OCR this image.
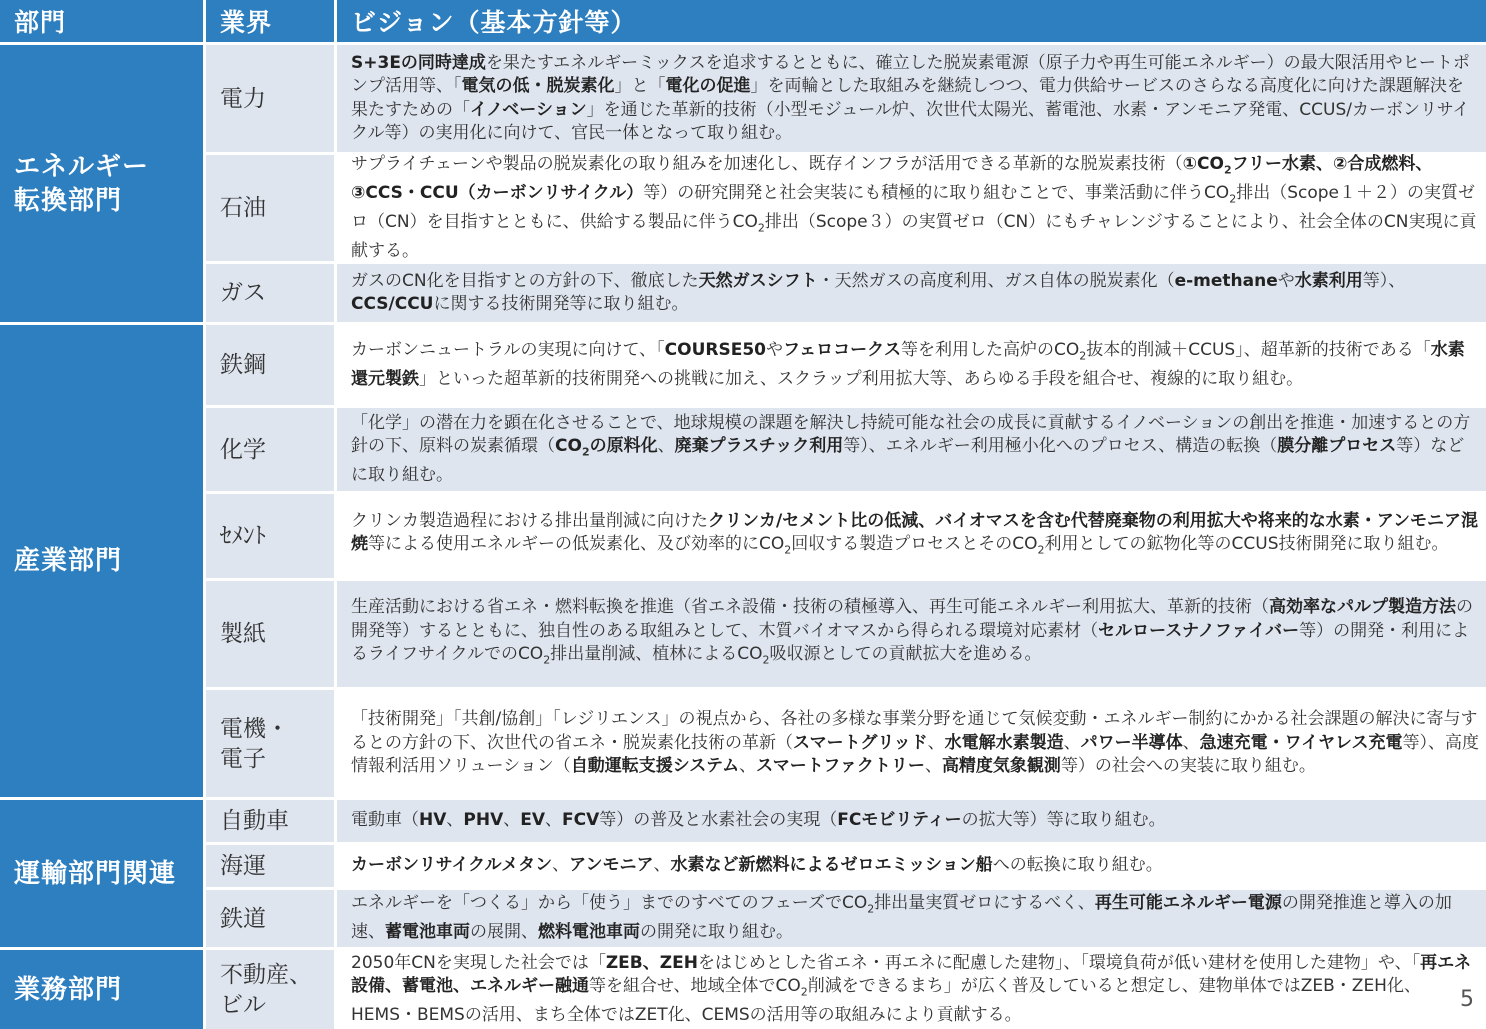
部門	業界	ビジョン（基本方針等）
エネルギー
転換部門
産業部門
運輸部門関連
業務部門
電力
石油
ガス
鉄鋼
化学
ｾﾒﾝﾄ
製紙
電機・
電子
自動車
海運
鉄道
不動産、
ビル
S+3Eの同時達成を果たすエネルギーミックスを追求するとともに、確立した脱炭素電源（原子力や再生可能エネルギー）の最大限活用やヒートポンプ活用等、「電気の低・脱炭素化」と「電化の促進」を両輪とした取組みを継続しつつ、電力供給サービスのさらなる高度化に向けた課題解決を果たすための「イノベーション」を通じた革新的技術（小型モジュール炉、次世代太陽光、蓄電池、水素・アンモニア発電、CCUS/カーボンリサイクル等）の実用化に向けて、官民一体となって取り組む。
サプライチェーンや製品の脱炭素化の取り組みを加速化し、既存インフラが活用できる革新的な脱炭素技術（$①CO_2$フリー水素、②合成燃料、③CCS・CCU（カーボンリサイクル）等）の研究開発と社会実装にも積極的に取り組むことで、事業活動に伴う$CO_2$排出（Scope１＋２）の実質ゼロ（CN）を目指すとともに、供給する製品に伴う$CO_2$排出（Scope３）の実質ゼロ（CN）にもチャレンジすることにより、社会全体のCN実現に貢献する。
ガスのCN化を目指すとの方針の下、徹底した天然ガスシフト・天然ガスの高度利用、ガス自体の脱炭素化（e-methaneや水素利用等）、CCS/CCUに関する技術開発等に取り組む。
カーボンニュートラルの実現に向けて、「COURSE50やフェロコークス等を利用した高炉の$CO_2$抜本的削減＋CCUS」、超革新的技術である「水素還元製鉄」といった超革新的技術開発への挑戦に加え、スクラップ利用拡大等、あらゆる手段を組合せ、複線的に取り組む。
「化学」の潜在力を顕在化させることで、地球規模の課題を解決し持続可能な社会の成長に貢献するイノベーションの創出を推進・加速するとの方針の下、原料の炭素循環（$CO_2$の原料化、廃棄プラスチック利用等）、エネルギー利用極小化へのプロセス、構造の転換（膜分離プロセス等）などに取り組む。
クリンカ製造過程における排出量削減に向けたクリンカ/セメント比の低減、バイオマスを含む代替廃棄物の利用拡大や将来的な水素・アンモニア混焼等による使用エネルギーの低炭素化、及び効率的に$CO_2$回収する製造プロセスとその$CO_2$利用としての鉱物化等のCCUS技術開発に取り組む。
生産活動における省エネ・燃料転換を推進（省エネ設備・技術の積極導入、再生可能エネルギー利用拡大、革新的技術（高効率なパルプ製造方法の開発等）するとともに、独自性のある取組みとして、木質バイオマスから得られる環境対応素材（セルロースナノファイバー等）の開発・利用によるライフサイクルでの$CO_2$排出量削減、植林による$CO_2$吸収源としての貢献拡大を進める。
「技術開発」「共創/協創」「レジリエンス」の視点から、各社の多様な事業分野を通じて気候変動・エネルギー制約にかかる社会課題の解決に寄与するとの方針の下、次世代の省エネ・脱炭素化技術の革新（スマートグリッド、水電解水素製造、パワー半導体、急速充電・ワイヤレス充電等）、高度情報利活用ソリューション（自動運転支援システム、スマートファクトリー、高精度気象観測等）の社会への実装に取り組む。
電動車（HV、PHV、EV、FCV等）の普及と水素社会の実現（FCモビリティーの拡大等）等に取り組む。
カーボンリサイクルメタン、アンモニア、水素など新燃料によるゼロエミッション船への転換に取り組む。
エネルギーを「つくる」から「使う」までのすべてのフェーズで$CO_2$排出量実質ゼロにするべく、再生可能エネルギー電源の開発推進と導入の加速、蓄電池車両の展開、燃料電池車両の開発に取り組む。
2050年CNを実現した社会では「ZEB、ZEHをはじめとした省エネ・再エネに配慮した建物」、「環境負荷が低い建材を使用した建物」や、「再エネ設備、蓄電池、エネルギー融通等を組合せ、地域全体で$CO_2$削減をできるまち」が広く普及していると想定し、建物単体ではZEB・ZEH化、HEMS・BEMSの活用、まち全体ではZET化、CEMSの活用等の取組みにより貢献する。
5
